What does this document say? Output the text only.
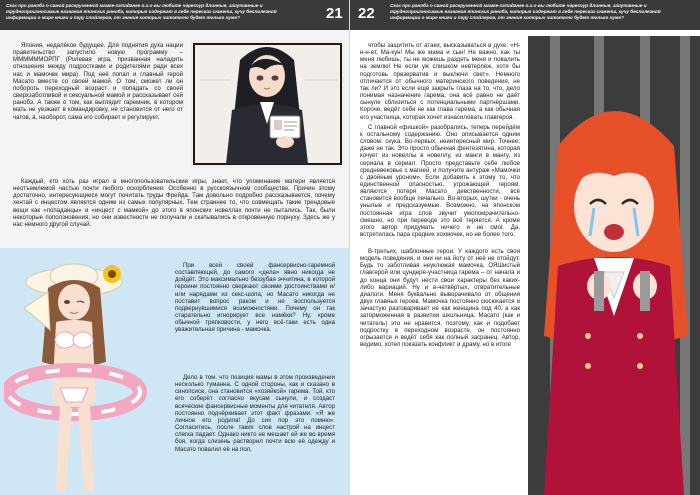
Сказ про ранобэ о самой раскрученной мамке-попаданке о.х.о вы любите чересчур длинные, запутанные и труднопроизносимые названия японских ранобэ, которые содержат в себе пересказ сюжета, кучу бесполезной информации о мире книги и пару спойлеров, от знания которых читателю будет только хуже?	21

Япония, недалёкое будущее. Для поднятия духа нации правительство запустило новую программу – ММММММОРПГ (Ролевая игра, призванная наладить отношения между подростками и родителями ради всех нас и мамочек мира). Под неё попал и главный герой Масато вместе со своей мамой. О том, сможет ли он побороть переходный возраст и попадать со своей сверхзаботливой и сексуальной мамой и рассказывает сей ранобэ. А также о том, как выглядит гаремник, в котором мать не уезжает в командировку, не становится от него от чатов, а, наоборот, сама его собирает и регулирует.

Каждый, кто хоть раз играл в многопользовательские игры, знает, что упоминание матери является неотъемлемой частью почти любого оскорбления. Особенно в русскоязычном сообществе. Причин этому достаточно, интересующиеся могут почитать труды Фрейда. Там довольно подробно рассказывается, почему хентай с инцестом является одним из самых популярных. Тем страннее то, что совмещать такие трендовые вещи как «попаданцы» и «инцест с мамкой» до этого в японских новеллах почти не пытались. Так, были некоторые поползновения, но они известности не получали и скатывались в откровенную порнуху. Здесь же у нас немного другой случай.

При всей своей фансервисно-гаремной составляющей, до самого «дела» явно никогда не дойдёт. Это максимально беззубая эччитина, в которой героини постоянно сверкают своими достоинствами и/или нарядами из секс-шопа, но Масато никогда не поставит вопрос раком и не воспользуется подвернувшимися возможностями. Почему он так старательно игнорирует все намёки? Ну, кроме обычной тряпковости, у него всё-таки есть одна уважительная причина - мамочка.

Дело в том, что позиция мамы в этом произведении несколько туманна. С одной стороны, как и сказано в синопсисе, она становится «хозяйкой» гарема. Той, кто его соберёт согласно вкусам сынули, и создаст всяческие фансервисные моменты для читателя. Автор постоянно подчёркивает этот факт фразами: «Я же личное его родила! До сих пор это помню». Согласитесь, после таких слов настрой на инцест слегка падает. Однако никто не мешает ей же во время боя, когда слизень растворил почти всю её одежду и Масато повалил её на пол,

22	Сказ про ранобэ о самой раскрученной мамке-попаданке о.х.о вы любите чересчур длинные, запутанные и труднопроизносимые названия японских ранобэ, которые содержат в себе пересказ сюжета, кучу бесполезной информации о мире книги и пару спойлеров, от знания которых читателю будет только хуже?

чтобы защитить от атаки, высказываться в духе: «Н-н-н-ет, Ма-кун! Мы же мама и сын! Не важно, как ты меня любишь, ты не можешь раздеть меня и повалить на землю! Не если уж слишком невтерпёж, хотя бы подготовь презерватив и выключи свет». Немного отличается от обычного материнского поведения, не так ли? И это если ещё закрыть глаза на то, что, дело понимая назначение гарема, она всё равно не даёт сынуле сблизиться с потенциальными партнёршами. Короче, ведёт себя не как глава гарема, а как обычная его участница, которая хочет изнасиловать главгероя.

С главной «фишкой» разобрались, теперь перейдём к остальному содержанию. Оно описывается одним словом: скука. Во-первых, неинтересный мир. Точнее, даже не так. Это просто обычная фентезятина, которая кочует из новеллы в новеллу, из манги в мангу, из сериала в сериал. Просто представьте себе любое средневековье с магией, и получите антураж «Мамочки с двойным уроном». Если добавить к этому то, что единственной опасностью, угрожающей героям, являются потеря Масато девственности, всё становится вообще печально. Во-вторых, шутки - очень унылые и предсказуемые. Возможно, на японском постоянная игра слов звучит умопомрачительно-смешно, но при переводе это всё теряется. А кроме этого автор придумать ничего и не смог. Да, встретилась пара средних хохмочек, но не более того.

В-третьих, шаблонные герои. У каждого есть своя модель поведения, и они ни на йоту от неё не отойдут. Будь то заботливая неуклюжая мамочка, ОЯШистый главгерой или цундере-участница гарема – от начала и до конца они будут нести свои характеры без каких-либо вариаций. Ну и в-четвёртых, отвратительные диалоги. Меня буквально выворачивало от общения двух главных героев. Мамочка постоянно сюсюкается и зачастую разговаривает не как женщина под 40, а как заторможенная в развитии школьница. Масато (как и читатель) это не нравится, поэтому, как и подобает подростку в переходном возрасте, он постоянно огрызается и ведёт себя как полный засранец. Автор, видимо, хотел показать конфликт и драму, но в итоге
